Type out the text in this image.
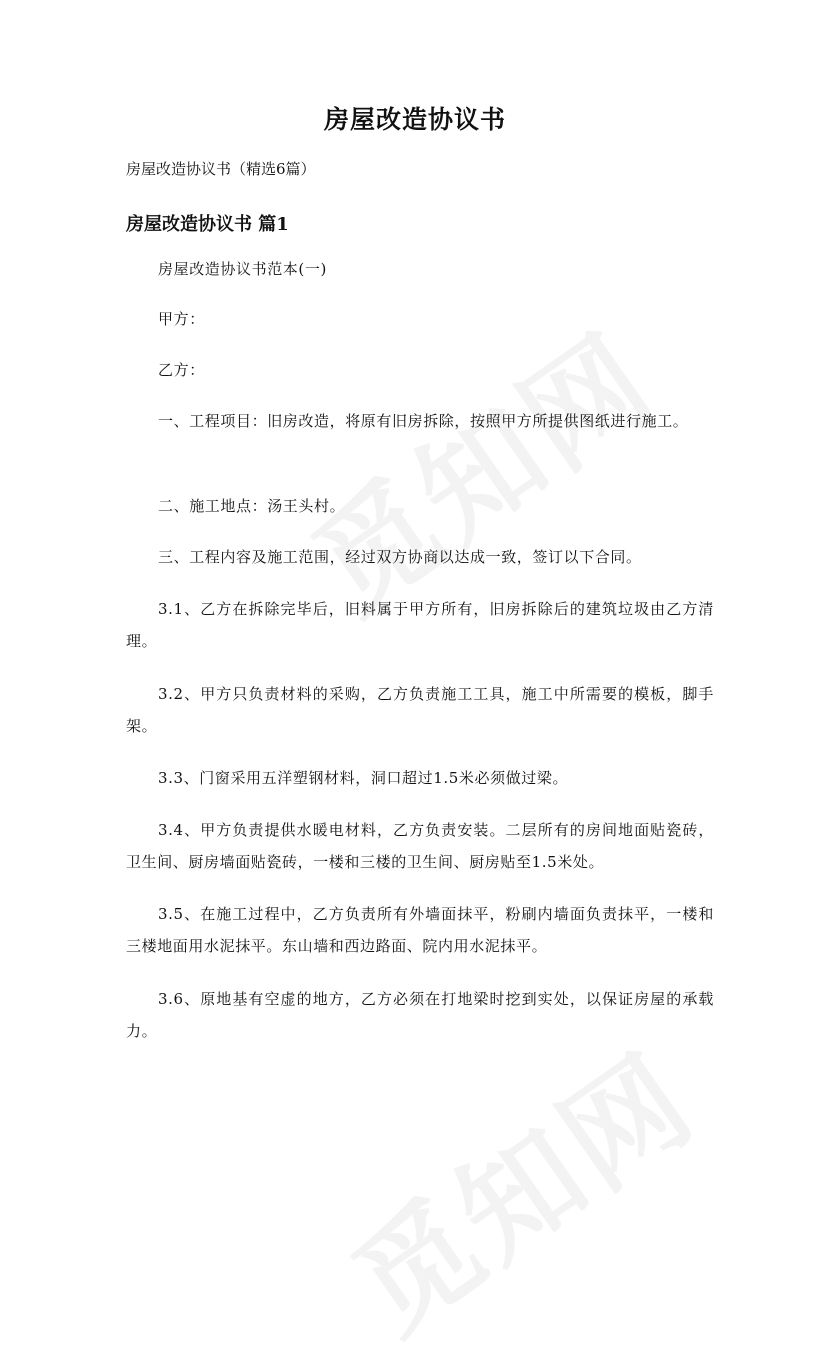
房屋改造协议书
房屋改造协议书（精选6篇）
房屋改造协议书 篇1

房屋改造协议书范本(一)

甲方：

乙方：

一、工程项目：旧房改造，将原有旧房拆除，按照甲方所提供图纸进行施工。

二、施工地点：汤王头村。

三、工程内容及施工范围，经过双方协商以达成一致，签订以下合同。

3.1、乙方在拆除完毕后，旧料属于甲方所有，旧房拆除后的建筑垃圾由乙方清理。

3.2、甲方只负责材料的采购，乙方负责施工工具，施工中所需要的模板，脚手架。

3.3、门窗采用五洋塑钢材料，洞口超过1.5米必须做过梁。

3.4、甲方负责提供水暖电材料，乙方负责安装。二层所有的房间地面贴瓷砖，卫生间、厨房墙面贴瓷砖，一楼和三楼的卫生间、厨房贴至1.5米处。

3.5、在施工过程中，乙方负责所有外墙面抹平，粉刷内墙面负责抹平，一楼和三楼地面用水泥抹平。东山墙和西边路面、院内用水泥抹平。

3.6、原地基有空虚的地方，乙方必须在打地梁时挖到实处，以保证房屋的承载力。
